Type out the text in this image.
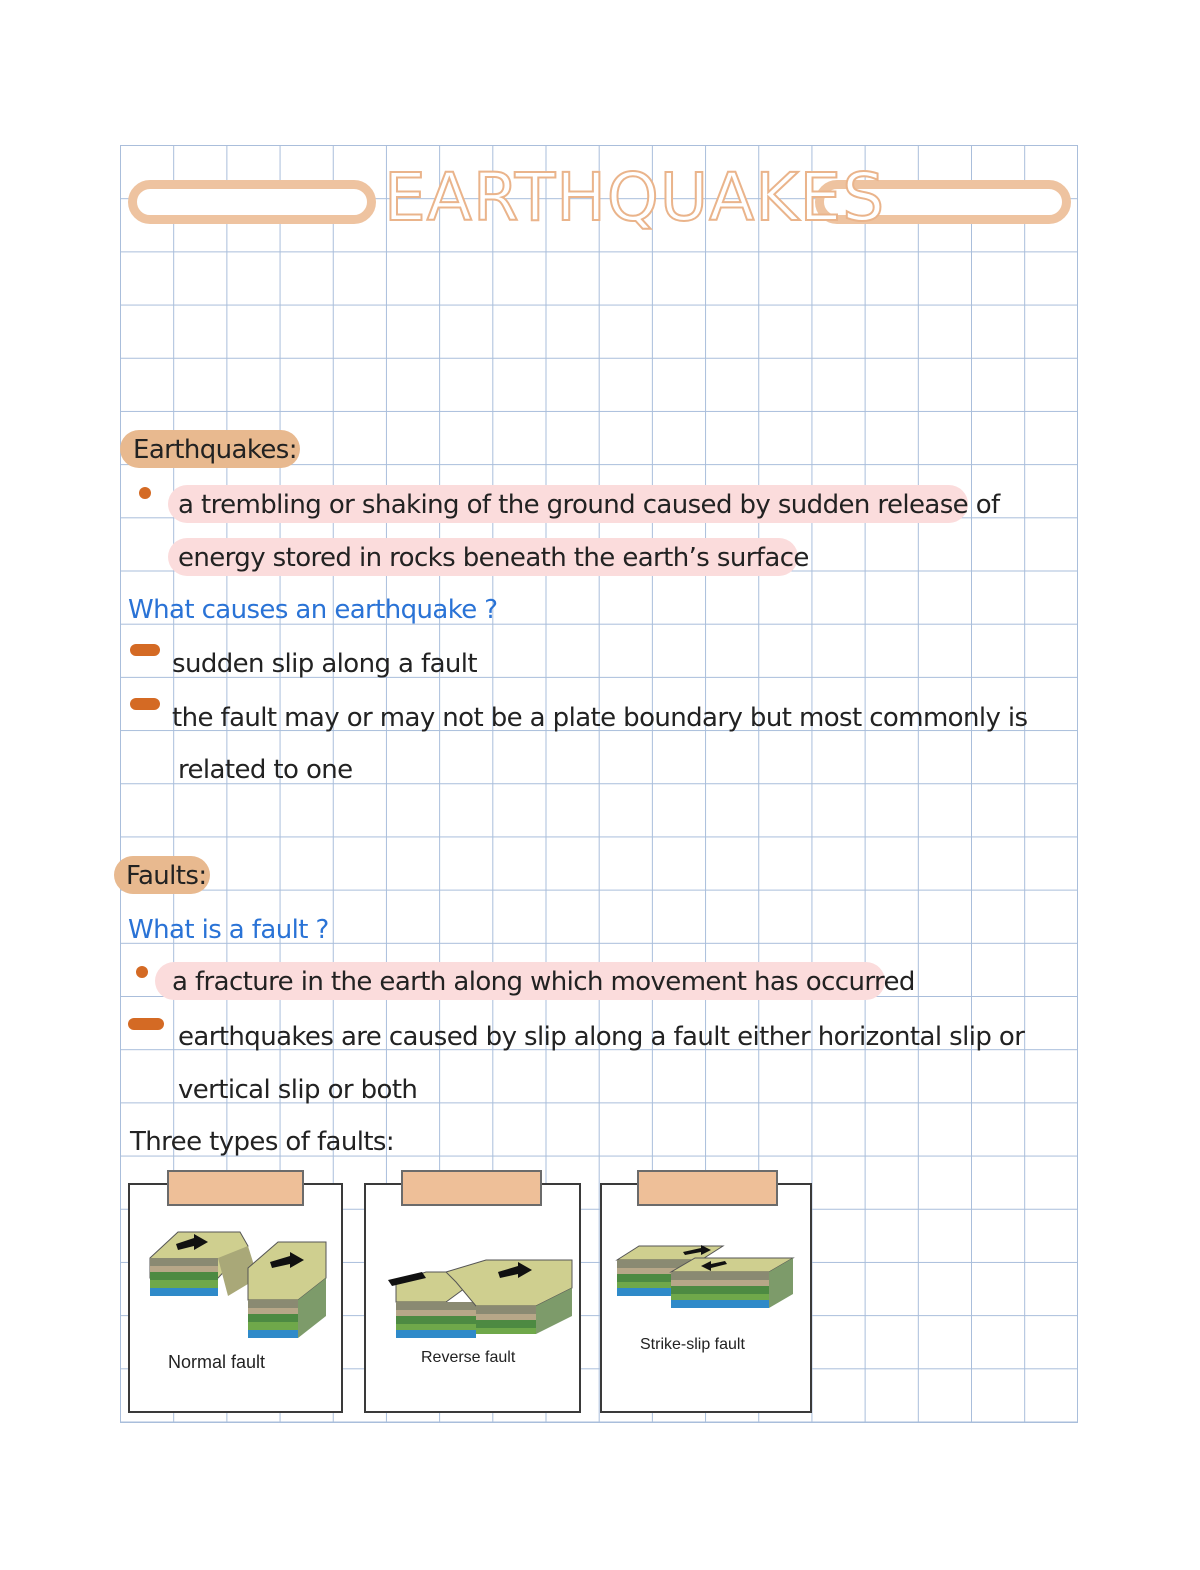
EARTHQUAKES
Earthquakes:
a trembling or shaking of the ground caused by sudden release of
energy stored in rocks beneath the earth’s surface
What causes an earthquake ?
sudden slip along a fault
the fault may or may not be a plate boundary but most commonly is
related to one
Faults:
What is a fault ?
a fracture in the earth along which movement has occurred
earthquakes are caused by slip along a fault either horizontal slip or
vertical slip or both
Three types of faults:
Normal fault	Reverse fault
Strike-slip fault
